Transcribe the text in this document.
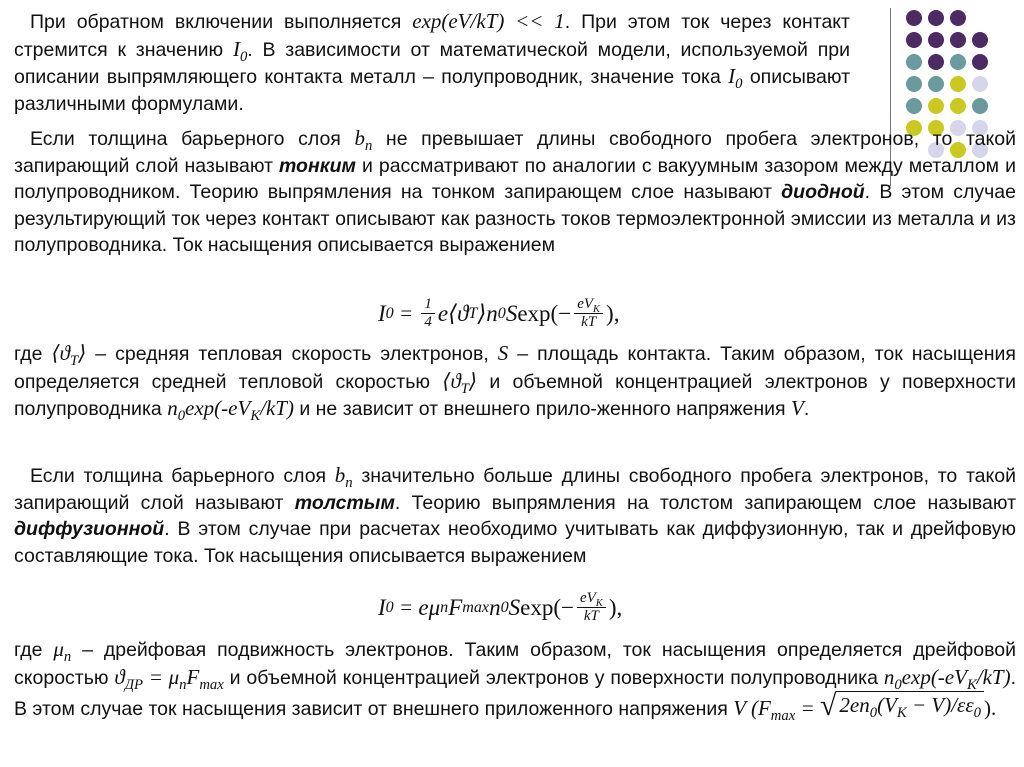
При обратном включении выполняется exp(eV/kT) << 1. При этом ток через контакт стремится к значению $I_0$. В зависимости от математической модели, используемой при описании выпрямляющего контакта металл – полупроводник, значение тока $I_0$ описывают различными формулами.

Если толщина барьерного слоя $b_n$ не превышает длины свободного пробега электронов, то такой запирающий слой называют тонким и рассматривают по аналогии с вакуумным зазором между металлом и полупроводником. Теорию выпрямления на тонком запирающем слое называют диодной. В этом случае результирующий ток через контакт описывают как разность токов термоэлектронной эмиссии из металла и из полупроводника. Ток насыщения описывается выражением

I $0 = \frac{1}{4}$ e⟨ϑ T ⟩n 0 S $\exp(- \frac{eV_K}{kT}$ ),

где $⟨ϑ_T⟩$ – средняя тепловая скорость электронов, S – площадь контакта. Таким образом, ток насыщения определяется средней тепловой скоростью $⟨ϑ_T⟩$ и объемной концентрацией электронов у поверхности полупроводника $n_0\exp(-eV_K/kT)$ и не зависит от внешнего прило-женного напряжения V.

Если толщина барьерного слоя $b_n$ значительно больше длины свободного пробега электронов, то такой запирающий слой называют толстым. Теорию выпрямления на толстом запирающем слое называют диффузионной. В этом случае при расчетах необходимо учитывать как диффузионную, так и дрейфовую составляющие тока. Ток насыщения описывается выражением

I 0 = eμ n F max n 0 S $\exp(- \frac{eV_K}{kT}$ ),

где $\mu_n$ – дрейфовая подвижность электронов. Таким образом, ток насыщения определяется дрейфовой скоростью $ϑ_{ДР} = \mu_nF_{max}$ и объемной концентрацией электронов у поверхности полупроводника $n_0\exp(-eV_K/kT)$. В этом случае ток насыщения зависит от внешнего приложенного напряжения V ($F_{max}$ = √ $2en_0(V_K - V)/\varepsilon\varepsilon_0$ ).
